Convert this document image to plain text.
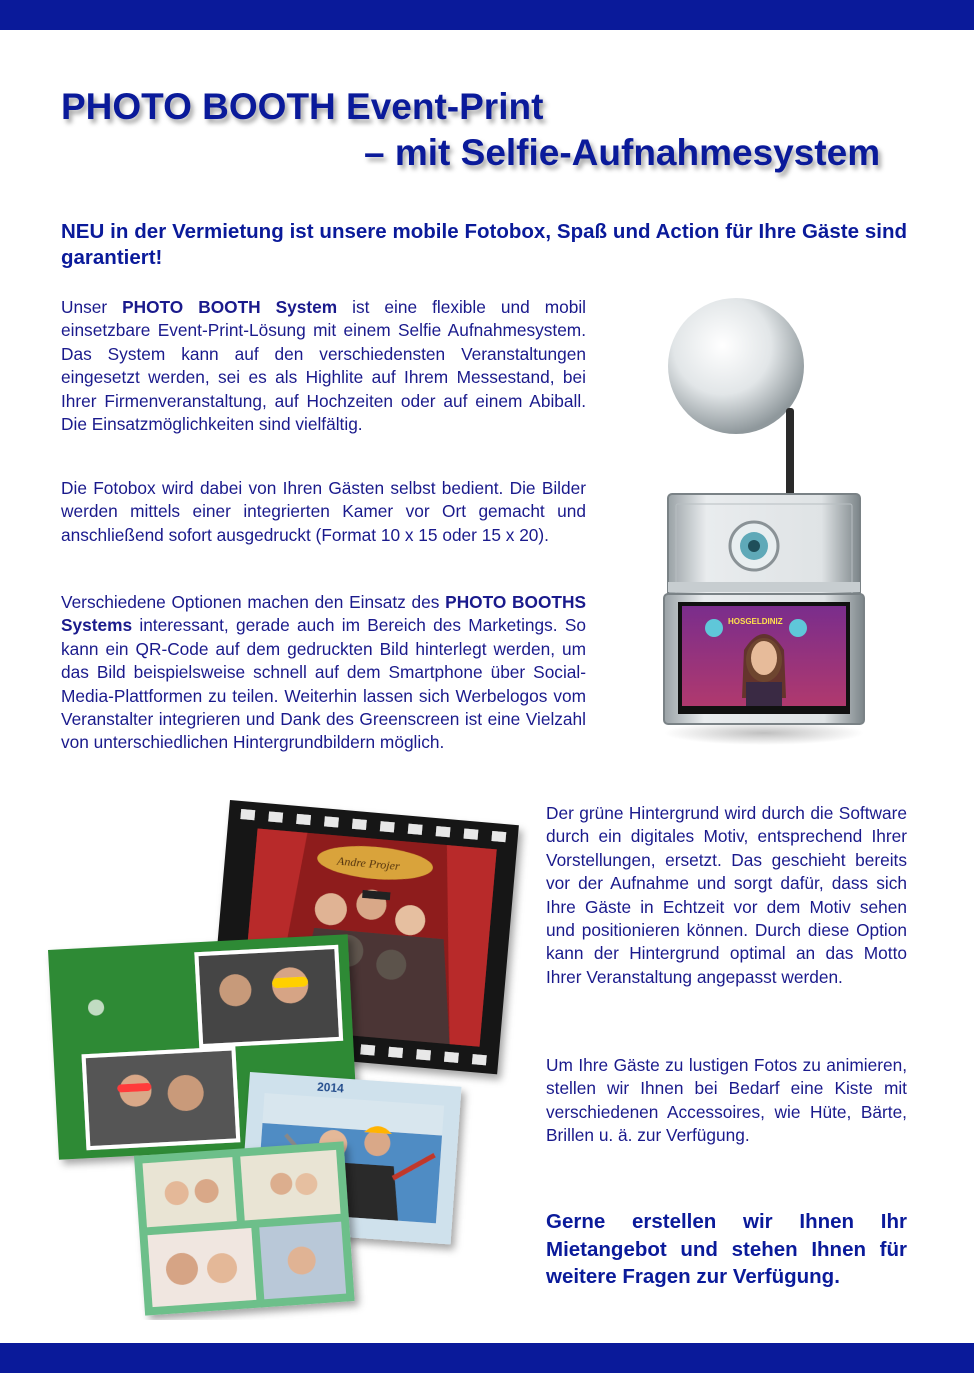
PHOTO BOOTH Event-Print
– mit Selfie-Aufnahmesystem

NEU in der Vermietung ist unsere mobile Fotobox, Spaß und Action für Ihre Gäste sind garantiert!

Unser PHOTO BOOTH System ist eine flexible und mobil einsetzbare Event-Print-Lösung mit einem Selfie Aufnahmesystem. Das System kann auf den verschiedensten Veranstaltungen eingesetzt werden, sei es als Highlite auf Ihrem Messestand, bei Ihrer Firmenveranstaltung, auf Hochzeiten oder auf einem Abiball. Die Einsatzmöglichkeiten sind vielfältig.

Die Fotobox wird dabei von Ihren Gästen selbst bedient. Die Bilder werden mittels einer integrierten Kamer vor Ort gemacht und anschließend sofort ausgedruckt (Format 10 x 15 oder 15 x 20).

Verschiedene Optionen machen den Einsatz des PHOTO BOOTHS Systems interessant, gerade auch im Bereich des Marketings. So kann ein QR-Code auf dem gedruckten Bild hinterlegt werden, um das Bild beispielsweise schnell auf dem Smartphone über Social-Media-Plattformen zu teilen. Weiterhin lassen sich Werbelogos vom Veranstalter integrieren und Dank des Greenscreen ist eine Vielzahl von unterschiedlichen Hintergrundbildern möglich.

HOSGELDINIZ
Andre Projer
2014

Der grüne Hintergrund wird durch die Software durch ein digitales Motiv, entsprechend Ihrer Vorstellungen, ersetzt. Das geschieht bereits vor der Aufnahme und sorgt dafür, dass sich Ihre Gäste in Echtzeit vor dem Motiv sehen und positionieren können. Durch diese Option kann der Hintergrund optimal an das Motto Ihrer Veranstaltung angepasst werden.

Um Ihre Gäste zu lustigen Fotos zu animieren, stellen wir Ihnen bei Bedarf eine Kiste mit verschiedenen Accessoires, wie Hüte, Bärte, Brillen u. ä. zur Verfügung.

Gerne erstellen wir Ihnen Ihr Mietangebot und stehen Ihnen für weitere Fragen zur Verfügung.
